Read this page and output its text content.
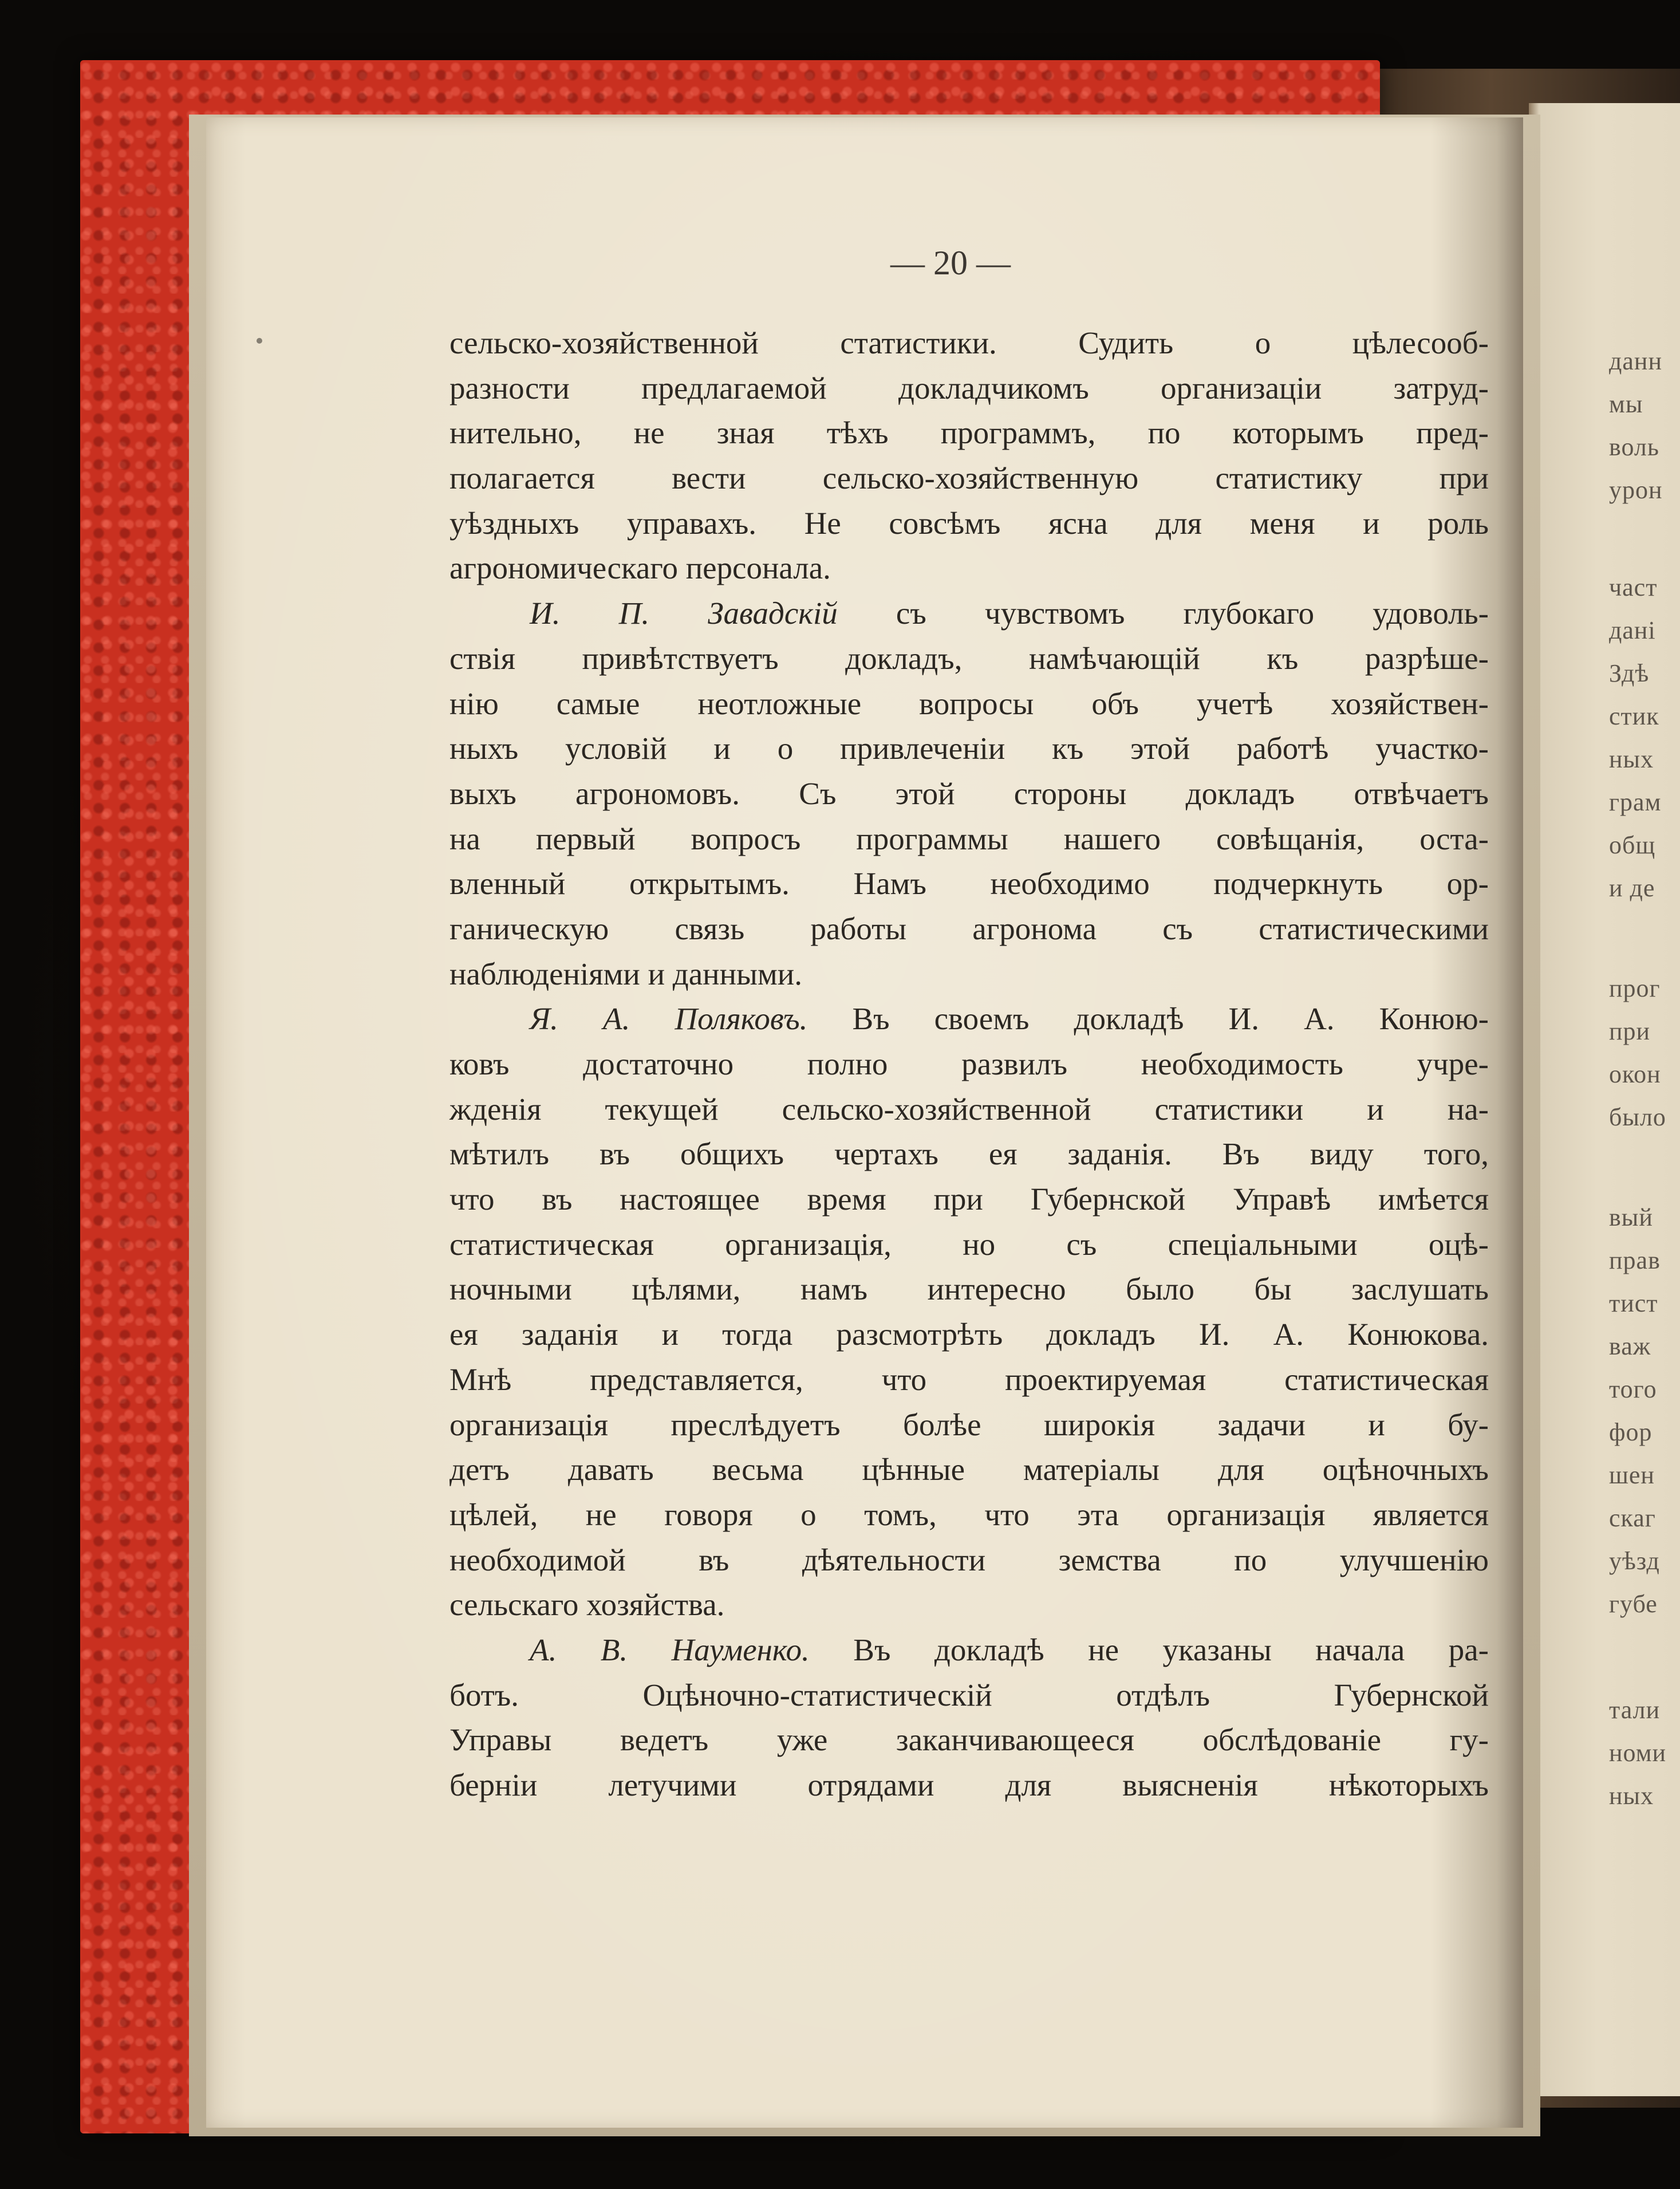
данн
мы
воль
урон
част
данi
Здѣ
стик
ных
грам
общ
и де
прог
при
окон
было
вый
прав
тист
важ
того
фор
шен
скаг
уѣзд
губе
тали
номи
ных
— 20 —
сельско-хозяйственной статистики. Судить о цѣлесооб-
разности предлагаемой докладчикомъ организаціи затруд-
нительно, не зная тѣхъ программъ, по которымъ пред-
полагается вести сельско-хозяйственную статистику при
уѣздныхъ управахъ. Не совсѣмъ ясна для меня и роль
агрономическаго персонала.
И. П. Завадскій съ чувствомъ глубокаго удоволь-
ствія привѣтствуетъ докладъ, намѣчающій къ разрѣше-
нію самые неотложные вопросы объ учетѣ хозяйствен-
ныхъ условій и о привлеченіи къ этой работѣ участко-
выхъ агрономовъ. Съ этой стороны докладъ отвѣчаетъ
на первый вопросъ программы нашего совѣщанія, оста-
вленный открытымъ. Намъ необходимо подчеркнуть ор-
ганическую связь работы агронома съ статистическими
наблюденіями и данными.
Я. А. Поляковъ. Въ своемъ докладѣ И. А. Конюю-
ковъ достаточно полно развилъ необходимость учре-
жденія текущей сельско-хозяйственной статистики и на-
мѣтилъ въ общихъ чертахъ ея заданія. Въ виду того,
что въ настоящее время при Губернской Управѣ имѣется
статистическая организація, но съ спеціальными оцѣ-
ночными цѣлями, намъ интересно было бы заслушать
ея заданія и тогда разсмотрѣть докладъ И. А. Конюкова.
Мнѣ представляется, что проектируемая статистическая
организація преслѣдуетъ болѣе широкія задачи и бу-
детъ давать весьма цѣнные матеріалы для оцѣночныхъ
цѣлей, не говоря о томъ, что эта организація является
необходимой въ дѣятельности земства по улучшенію
сельскаго хозяйства.
А. В. Науменко. Въ докладѣ не указаны начала ра-
ботъ. Оцѣночно-статистическій отдѣлъ Губернской
Управы ведетъ уже заканчивающееся обслѣдованіе гу-
берніи летучими отрядами для выясненія нѣкоторыхъ
